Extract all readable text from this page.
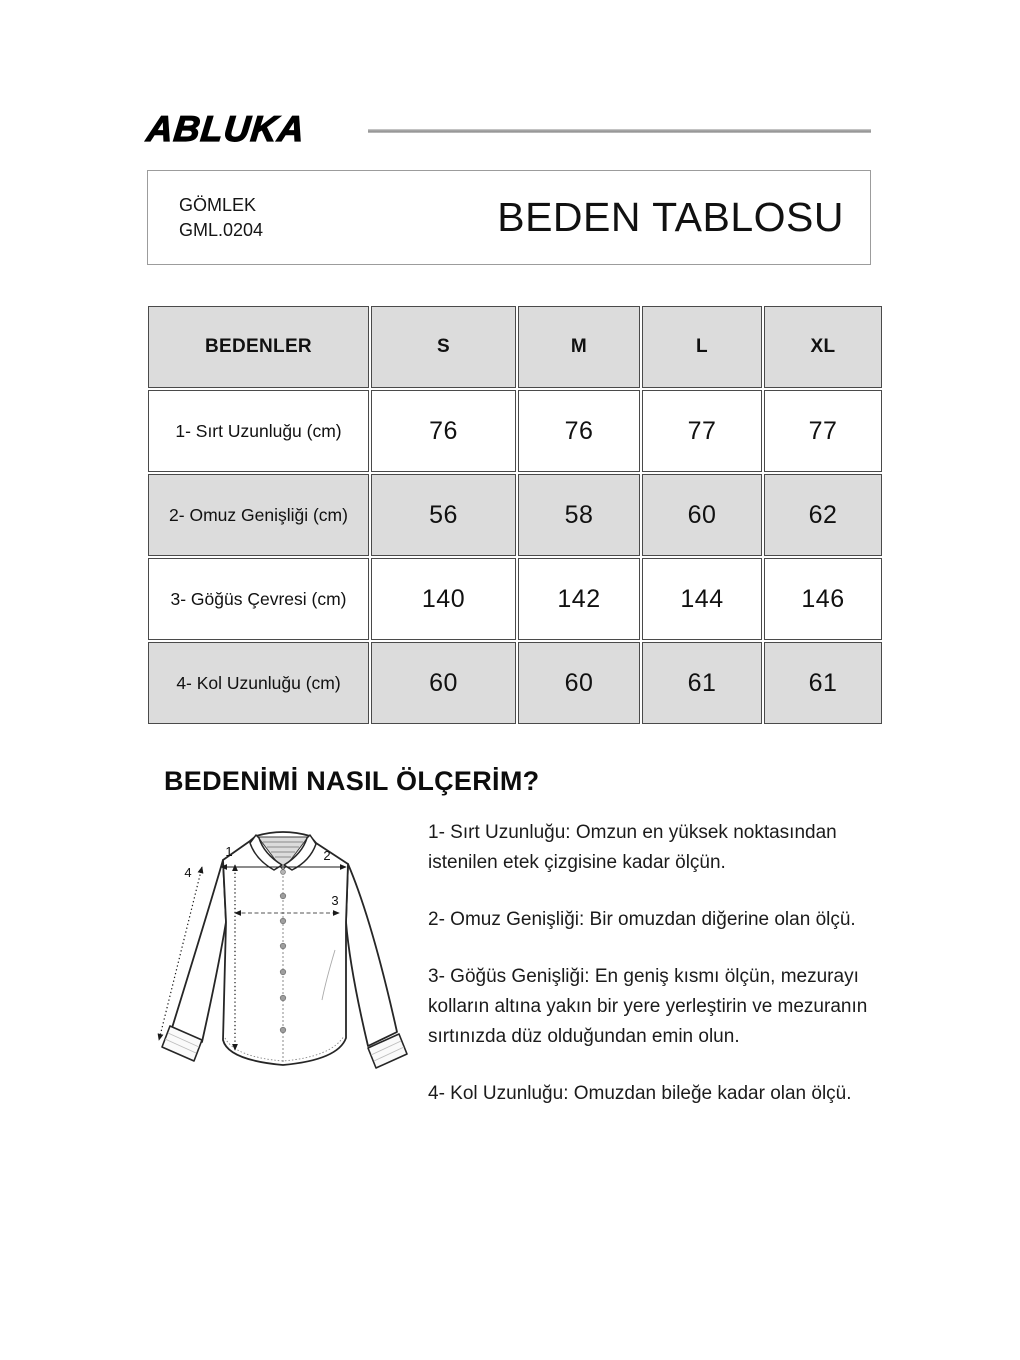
ABLUKA
GÖMLEK
GML.0204	BEDEN TABLOSU
BEDENLER	S	M	L	XL
1- Sırt Uzunluğu (cm)	76	76	77	77
2- Omuz Genişliği (cm)	56	58	60	62
3- Göğüs Çevresi (cm)	140	142	144	146
4- Kol Uzunluğu (cm)	60	60	61	61
BEDENİMİ NASIL ÖLÇERİM?
1	2
3
4

1- Sırt Uzunluğu: Omzun en yüksek noktasından istenilen etek çizgisine kadar ölçün.

2- Omuz Genişliği: Bir omuzdan diğerine olan ölçü.

3- Göğüs Genişliği: En geniş kısmı ölçün, mezurayı kolların altına yakın bir yere yerleştirin ve mezuranın sırtınızda düz olduğundan emin olun.

4- Kol Uzunluğu: Omuzdan bileğe kadar olan ölçü.
